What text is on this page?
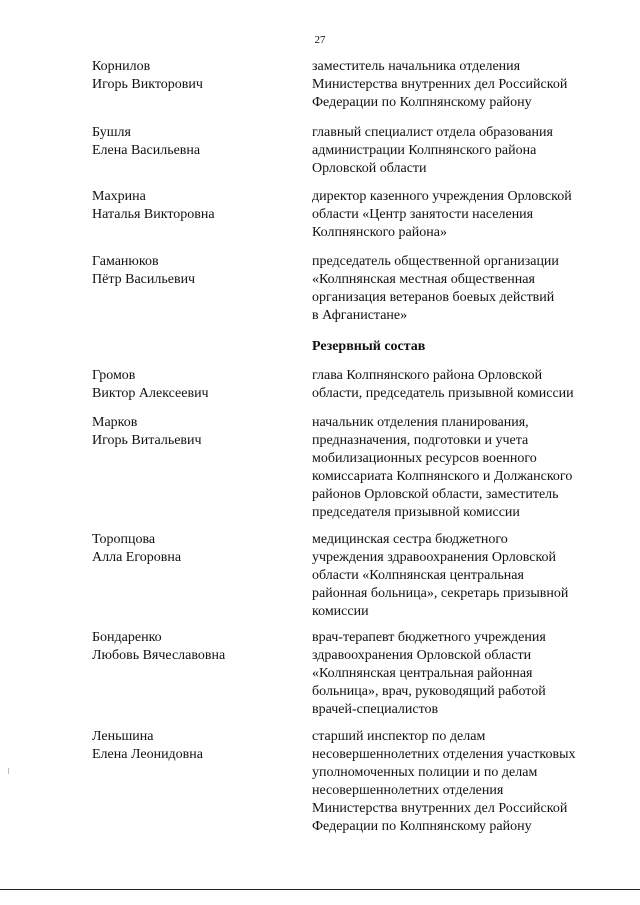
27
Корнилов
Игорь Викторович
заместитель начальника отделения
Министерства внутренних дел Российской
Федерации по Колпнянскому району
Бушля
Елена Васильевна
главный специалист отдела образования
администрации Колпнянского района
Орловской области
Махрина
Наталья Викторовна
директор казенного учреждения Орловской
области «Центр занятости населения
Колпнянского района»
Гаманюков
Пётр Васильевич
председатель общественной организации
«Колпнянская местная общественная
организация ветеранов боевых действий
в Афганистане»
Резервный состав
Громов
Виктор Алексеевич
глава Колпнянского района Орловской
области, председатель призывной комиссии
Марков
Игорь Витальевич
начальник отделения планирования,
предназначения, подготовки и учета
мобилизационных ресурсов военного
комиссариата Колпнянского и Должанского
районов Орловской области, заместитель
председателя призывной комиссии
Торопцова
Алла Егоровна
медицинская сестра бюджетного
учреждения здравоохранения Орловской
области «Колпнянская центральная
районная больница», секретарь призывной
комиссии
Бондаренко
Любовь Вячеславовна
врач-терапевт бюджетного учреждения
здравоохранения Орловской области
«Колпнянская центральная районная
больница», врач, руководящий работой
врачей-специалистов
Леньшина
Елена Леонидовна
старший инспектор по делам
несовершеннолетних отделения участковых
уполномоченных полиции и по делам
несовершеннолетних отделения
Министерства внутренних дел Российской
Федерации по Колпнянскому району
